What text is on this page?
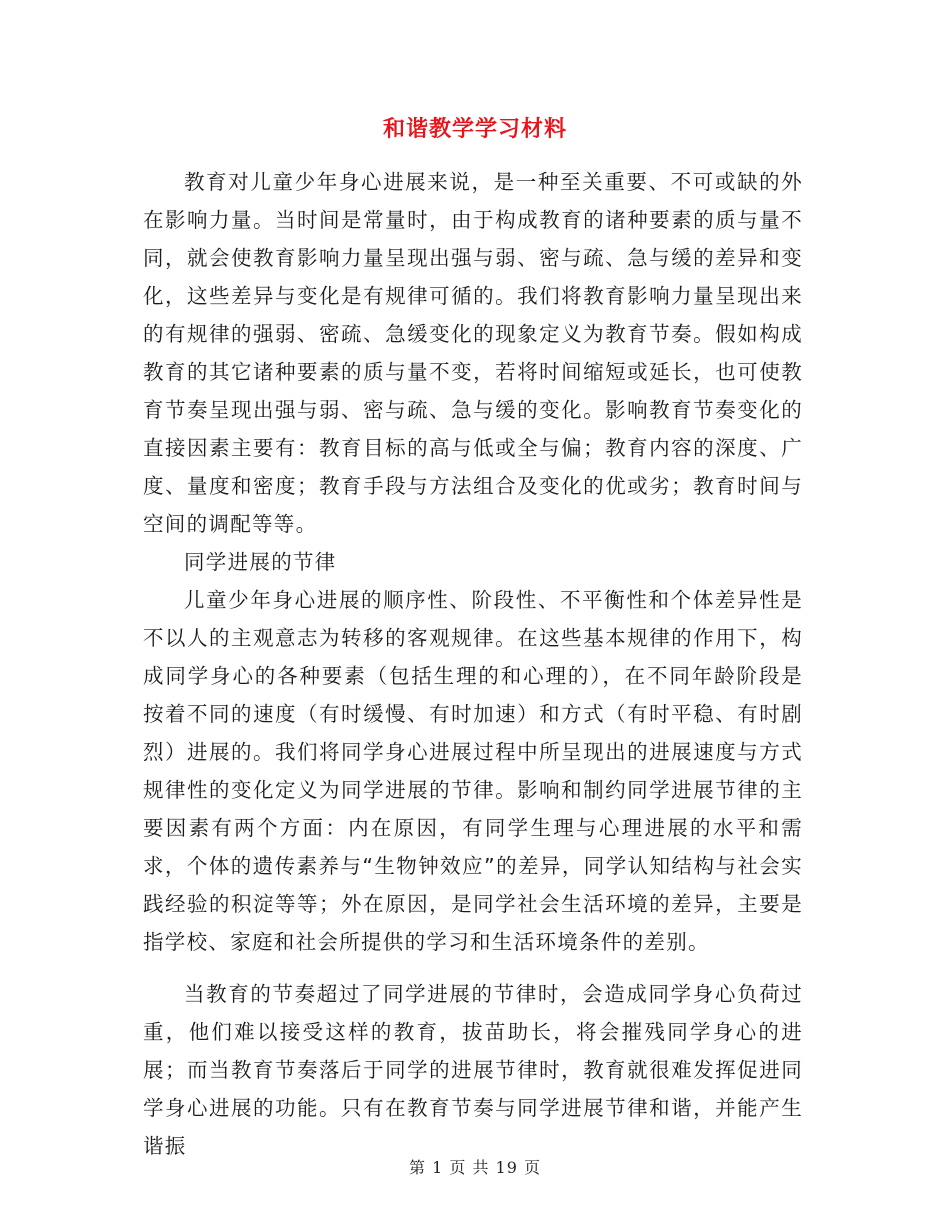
和谐教学学习材料

教育对儿童少年身心进展来说，是一种至关重要、不可或缺的外在影响力量。当时间是常量时，由于构成教育的诸种要素的质与量不同，就会使教育影响力量呈现出强与弱、密与疏、急与缓的差异和变化，这些差异与变化是有规律可循的。我们将教育影响力量呈现出来的有规律的强弱、密疏、急缓变化的现象定义为教育节奏。假如构成教育的其它诸种要素的质与量不变，若将时间缩短或延长，也可使教育节奏呈现出强与弱、密与疏、急与缓的变化。影响教育节奏变化的直接因素主要有：教育目标的高与低或全与偏；教育内容的深度、广度、量度和密度；教育手段与方法组合及变化的优或劣；教育时间与空间的调配等等。

同学进展的节律

儿童少年身心进展的顺序性、阶段性、不平衡性和个体差异性是不以人的主观意志为转移的客观规律。在这些基本规律的作用下，构成同学身心的各种要素（包括生理的和心理的），在不同年龄阶段是按着不同的速度（有时缓慢、有时加速）和方式（有时平稳、有时剧烈）进展的。我们将同学身心进展过程中所呈现出的进展速度与方式规律性的变化定义为同学进展的节律。影响和制约同学进展节律的主要因素有两个方面：内在原因，有同学生理与心理进展的水平和需求，个体的遗传素养与“生物钟效应”的差异，同学认知结构与社会实践经验的积淀等等；外在原因，是同学社会生活环境的差异，主要是指学校、家庭和社会所提供的学习和生活环境条件的差别。

当教育的节奏超过了同学进展的节律时，会造成同学身心负荷过重，他们难以接受这样的教育，拔苗助长，将会摧残同学身心的进展；而当教育节奏落后于同学的进展节律时，教育就很难发挥促进同学身心进展的功能。只有在教育节奏与同学进展节律和谐，并能产生谐振

第 1 页 共 19 页
